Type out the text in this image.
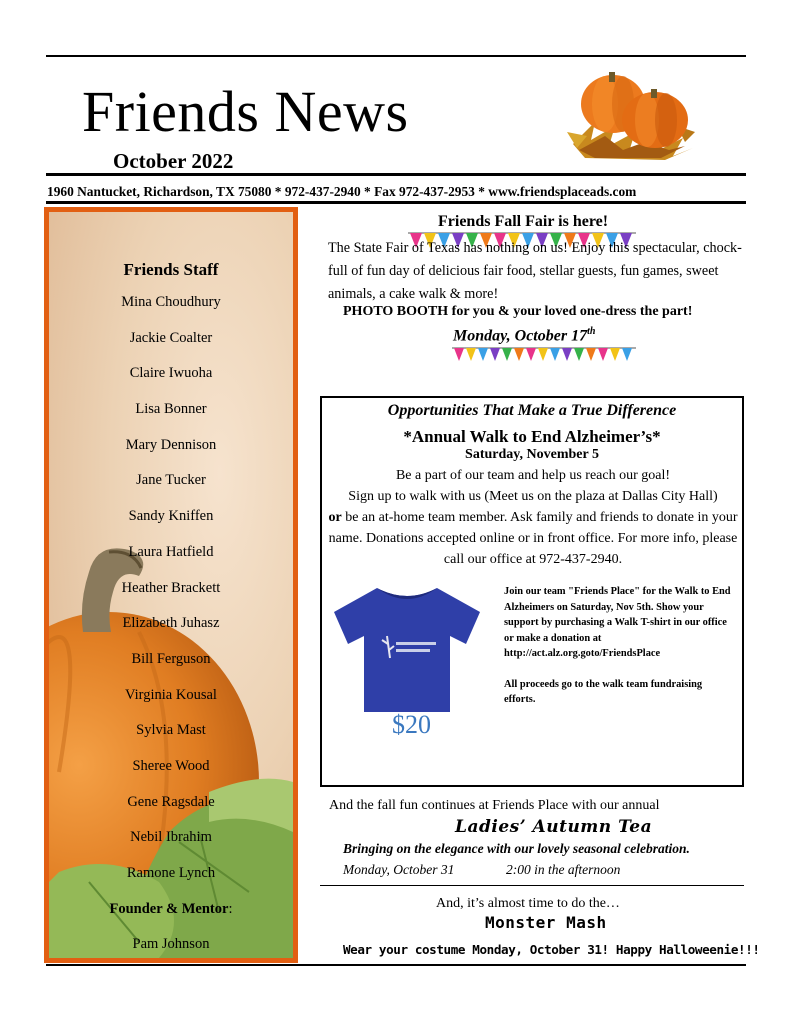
Friends News
October 2022
1960 Nantucket, Richardson, TX 75080 * 972-437-2940 * Fax 972-437-2953 * www.friendsplaceads.com
Friends Staff
Mina Choudhury
Jackie Coalter
Claire Iwuoha
Lisa Bonner
Mary Dennison
Jane Tucker
Sandy Kniffen
Laura Hatfield
Heather Brackett
Elizabeth Juhasz
Bill Ferguson
Virginia Kousal
Sylvia Mast
Sheree Wood
Gene Ragsdale
Nebil Ibrahim
Ramone Lynch
Founder & Mentor:
Pam Johnson
Friends Fall Fair is here!
The State Fair of Texas has nothing on us! Enjoy this spectacular, chock-full of fun day of delicious fair food, stellar guests, fun games, sweet animals, a cake walk & more!
PHOTO BOOTH for you & your loved one-dress the part!
Monday, October 17th
Opportunities That Make a True Difference
*Annual Walk to End Alzheimer’s*
Saturday, November 5
Be a part of our team and help us reach our goal!
Sign up to walk with us (Meet us on the plaza at Dallas City Hall)
or be an at-home team member. Ask family and friends to donate in your name. Donations accepted online or in front office. For more info, please call our office at 972-437-2940.
$20
Join our team "Friends Place" for the Walk to End Alzheimers on Saturday, Nov 5th. Show your support by purchasing a Walk T-shirt in our office or make a donation at http://act.alz.org.goto/FriendsPlace
All proceeds go to the walk team fundraising efforts.
And the fall fun continues at Friends Place with our annual
Ladies’ Autumn Tea
Bringing on the elegance with our lovely seasonal celebration.
Monday, October 31	2:00 in the afternoon
And, it’s almost time to do the…
Monster Mash
Wear your costume Monday, October 31! Happy Halloweenie!!!
